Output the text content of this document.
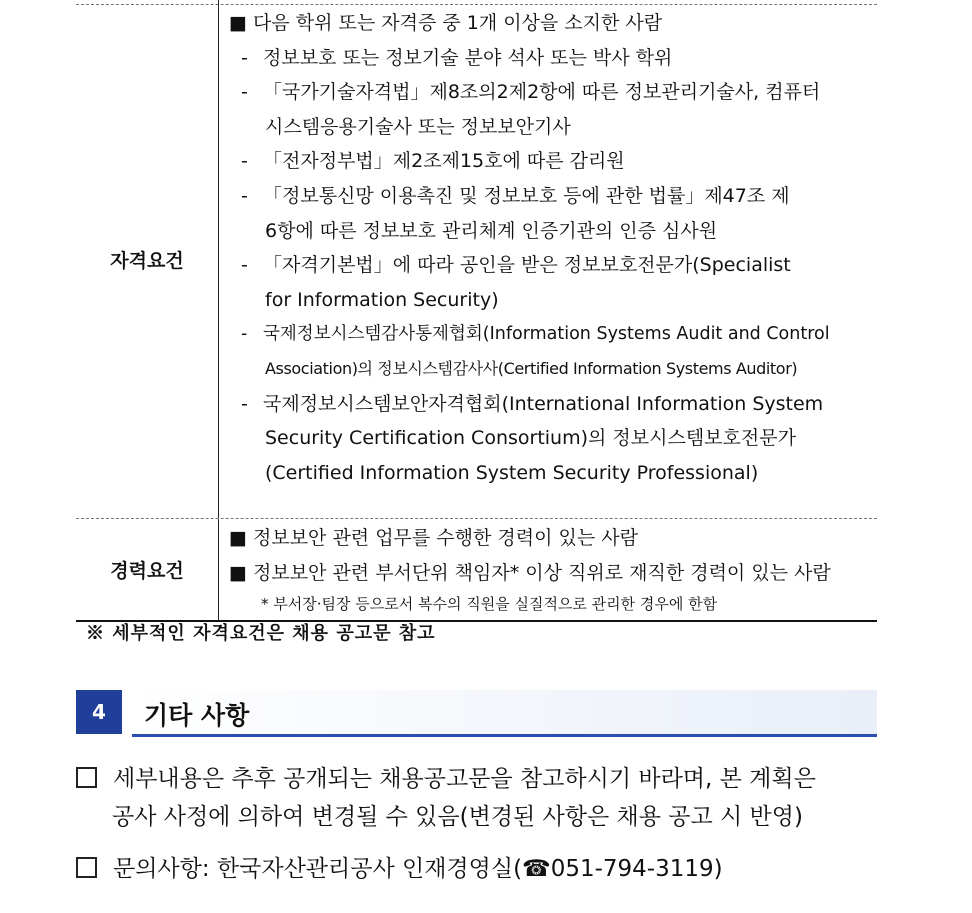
자격요건
■ 다음 학위 또는 자격증 중 1개 이상을 소지한 사람
- 정보보호 또는 정보기술 분야 석사 또는 박사 학위
- 「국가기술자격법」제8조의2제2항에 따른 정보관리기술사, 컴퓨터
시스템응용기술사 또는 정보보안기사
- 「전자정부법」제2조제15호에 따른 감리원
- 「정보통신망 이용촉진 및 정보보호 등에 관한 법률」제47조 제
6항에 따른 정보보호 관리체계 인증기관의 인증 심사원
- 「자격기본법」에 따라 공인을 받은 정보보호전문가(Specialist
for Information Security)
- 국제정보시스템감사통제협회(Information Systems Audit and Control
Association)의 정보시스템감사사(Certified Information Systems Auditor)
- 국제정보시스템보안자격협회(International Information System
Security Certification Consortium)의 정보시스템보호전문가
(Certified Information System Security Professional)
경력요건
■ 정보보안 관련 업무를 수행한 경력이 있는 사람
■ 정보보안 관련 부서단위 책임자* 이상 직위로 재직한 경력이 있는 사람
* 부서장·팀장 등으로서 복수의 직원을 실질적으로 관리한 경우에 한함
※ 세부적인 자격요건은 채용 공고문 참고
4	기타 사항
세부내용은 추후 공개되는 채용공고문을 참고하시기 바라며, 본 계획은
공사 사정에 의하여 변경될 수 있음(변경된 사항은 채용 공고 시 반영)
문의사항: 한국자산관리공사 인재경영실(☎051-794-3119)
